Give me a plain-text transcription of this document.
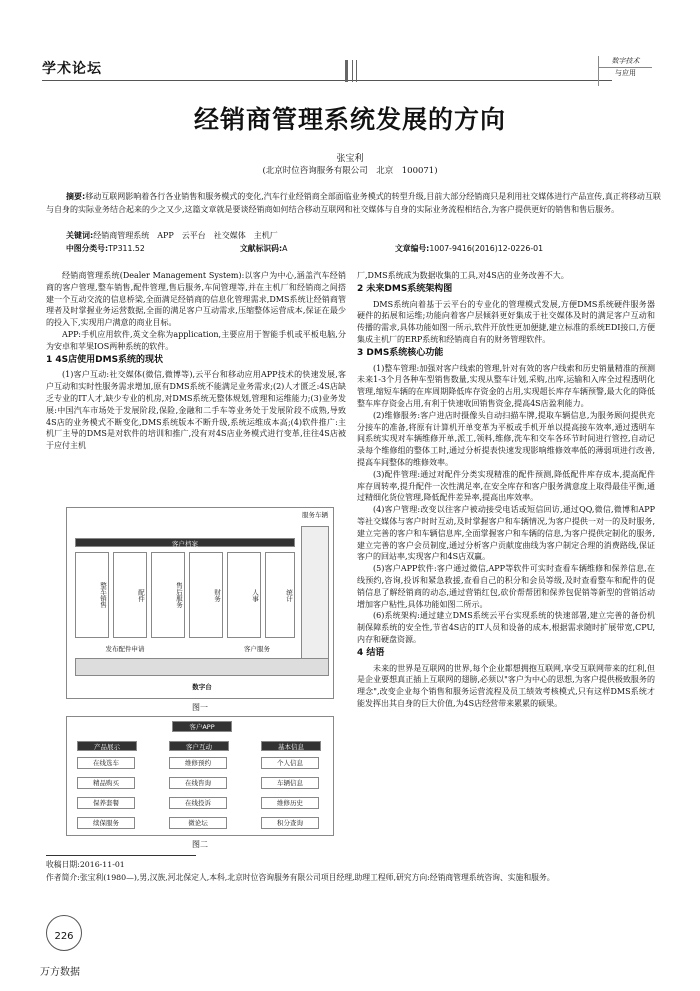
学术论坛	数字技术
与应用
经销商管理系统发展的方向
张宝利
(北京时位咨询服务有限公司　北京　100071)
摘要:移动互联网影响着各行各业销售和服务模式的变化,汽车行业经销商全部面临业务模式的转型升级,目前大部分经销商只是利用社交媒体进行产品宣传,真正将移动互联与自身的实际业务结合起来的少之又少,这篇文章就是要谈经销商如何结合移动互联网和社交媒体与自身的实际业务流程相结合,为客户提供更好的销售和售后服务。
关键词:经销商管理系统　APP　云平台　社交媒体　主机厂
中图分类号:TP311.52	文献标识码:A	文章编号:1007-9416(2016)12-0226-01

经销商管理系统(Dealer Management System):以客户为中心,涵盖汽车经销商的客户管理,整车销售,配件管理,售后服务,车间管理等,并在主机厂和经销商之间搭建一个互动交流的信息桥梁,全面满足经销商的信息化管理需求,DMS系统让经销商管理者及时掌握业务运营数据,全面的满足客户互动需求,压缩整体运营成本,保证在最少的投入下,实现用户满意的商业目标。

APP:手机应用软件,英文全称为application,主要应用于智能手机或平板电脑,分为安卓和苹果IOS两种系统的软件。

1 4S店使用DMS系统的现状

(1)客户互动:社交媒体(微信,微博等),云平台和移动应用APP技术的快速发展,客户互动和实时性服务需求增加,原有DMS系统不能满足业务需求;(2)人才匮乏:4S店缺乏专业的IT人才,缺少专业的机房,对DMS系统无整体规划,管理和运维能力;(3)业务发展:中国汽车市场处于发展阶段,保险,金融和二手车等业务处于发展阶段不成熟,导致4S店的业务模式不断变化,DMS系统版本不断升级,系统运维成本高;(4)软件推广:主机厂主导的DMS是对软件的培训和推广,没有对4S店业务模式进行变革,往往4S店被于应付主机

服务车辆
客户档案
整车销售	配件	售后服务	财务	人事	统计
发布配件申请	客户服务
数字台
图一
客户APP
产品展示	客户互动	基本信息
在线选车
精品购买
保养套餐
续保服务
维修预约
在线咨询
在线投诉
微论坛
个人信息
车辆信息
维修历史
积分查询
图二
厂,DMS系统成为数据收集的工具,对4S店的业务改善不大。
2 未来DMS系统架构图

DMS系统向着基于云平台的专业化的管理模式发展,方便DMS系统硬件服务器硬件的拓展和运维;功能向着客户层倾斜更好集成于社交媒体及时的满足客户互动和传播的需求,具体功能如图一所示,软件开放性更加便捷,建立标准的系统EDI接口,方便集成主机厂的ERP系统和经销商自有的财务管理软件。

3 DMS系统核心功能

(1)整车管理:加强对客户线索的管理,针对有效的客户线索和历史销量精准的预测未来1-3个月各种车型销售数量,实现从整车计划,采购,出库,运输和入库全过程透明化管理,缩短车辆的在库周期降低库存资金的占用,实现超长库存车辆预警,最大化的降低整车库存资金占用,有利于快速收回销售资金,提高4S店盈利能力。

(2)维修服务:客户进店时摄像头自动扫描车牌,提取车辆信息,为服务顾问提供充分接车的准备,将原有计算机开单变革为平板或手机开单以提高接车效率,通过透明车间系统实现对车辆维修开单,派工,领料,维修,洗车和交车各环节时间进行管控,自动记录每个维修组的整体工时,通过分析提表快速发现影响维修效率低的薄弱项进行改善,提高车间整体的维修效率。

(3)配件管理:通过对配件分类实现精准的配件预测,降低配件库存成本,提高配件库存周转率,提升配件一次性满足率,在安全库存和客户服务满意度上取得最佳平衡,通过精细化货位管理,降低配件差异率,提高出库效率。

(4)客户管理:改变以往客户被动接受电话或短信回访,通过QQ,微信,微博和APP等社交媒体与客户时时互动,及时掌握客户和车辆情况,为客户提供一对一的及时服务,建立完善的客户和车辆信息库,全面掌握客户和车辆的信息,为客户提供定制化的服务,建立完善的客户会员制度,通过分析客户贡献度曲线为客户制定合理的消费路线,保证客户的回站率,实现客户和4S店双赢。

(5)客户APP软件:客户通过微信,APP等软件可实时查看车辆维修和保养信息,在线预约,咨询,投诉和紧急救援,查看自己的积分和会员等级,及时查看整车和配件的促销信息了解经销商的动态,通过营销红包,砍价帮帮团和保养包促销等新型的营销活动增加客户粘性,具体功能如图二所示。

(6)系统架构:通过建立DMS系统云平台实现系统的快速部署,建立完善的备份机制保障系统的安全性,节省4S店的IT人员和设备的成本,根据需求随时扩展带宽,CPU,内存和硬盘资源。

4 结语

未来的世界是互联网的世界,每个企业都想拥抱互联网,享受互联网带来的红利,但是企业要想真正插上互联网的翅膀,必须以"客户为中心的思想,为客户提供极致服务的理念",改变企业每个销售和服务运营流程及员工绩效考核模式,只有这样DMS系统才能发挥出其自身的巨大价值,为4S店经营带来累累的硕果。

收稿日期:2016-11-01
作者简介:张宝利(1980—),男,汉族,河北保定人,本科,北京时位咨询服务有限公司项目经理,助理工程师,研究方向:经销商管理系统咨询、实施和服务。
226
万方数据
